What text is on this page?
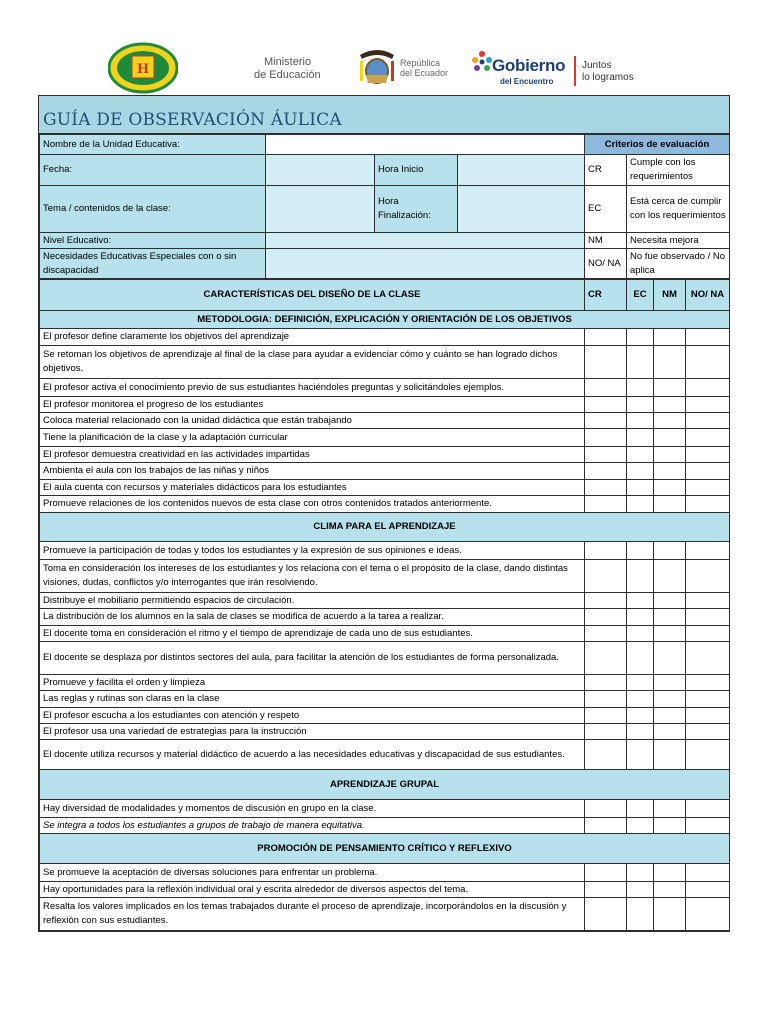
H	Ministerio
de Educación
República
del Ecuador	Gobierno
del Encuentro
Juntos
lo logramos
GUÍA DE OBSERVACIÓN ÁULICA
Nombre de la Unidad Educativa:				Criterios de evaluación	
Fecha:		Hora Inicio		CR	Cumple con los requerimientos
Tema / contenidos de la clase:		Hora Finalización:		EC	Está cerca de cumplir con los requerimientos
Nivel Educativo:				NM	Necesita mejora
Necesidades Educativas Especiales con o sin discapacidad				NO/ NA	No fue observado / No aplica
CARACTERÍSTICAS DEL DISEÑO DE LA CLASE	CR	EC	NM	NO/ NA
METODOLOGIA: DEFINICIÓN, EXPLICACIÓN Y ORIENTACIÓN DE LOS OBJETIVOS				
El profesor define claramente los objetivos del aprendizaje				
Se retoman los objetivos de aprendizaje al final de la clase para ayudar a evidenciar cómo y cuánto se han logrado dichos objetivos.				
El profesor activa el conocimiento previo de sus estudiantes haciéndoles preguntas y solicitándoles ejemplos.				
El profesor monitorea el progreso de los estudiantes				
Coloca material relacionado con la unidad didáctica que están trabajando				
Tiene la planificación de la clase y la adaptación curricular				
El profesor demuestra creatividad en las actividades impartidas				
Ambienta el aula con los trabajos de las niñas y niños				
El aula cuenta con recursos y materiales didácticos para los estudiantes				
Promueve relaciones de los contenidos nuevos de esta clase con otros contenidos tratados anteriormente.				
CLIMA PARA EL APRENDIZAJE				
Promueve la participación de todas y todos los estudiantes y la expresión de sus opiniones e ideas.				
Toma en consideración los intereses de los estudiantes y los relaciona con el tema o el propósito de la clase, dando distintas visiones, dudas, conflictos y/o interrogantes que irán resolviendo.				
Distribuye el mobiliario permitiendo espacios de circulación.				
La distribución de los alumnos en la sala de clases se modifica de acuerdo a la tarea a realizar.				
El docente toma en consideración el ritmo y el tiempo de aprendizaje de cada uno de sus estudiantes.				
El docente se desplaza por distintos sectores del aula, para facilitar la atención de los estudiantes de forma personalizada.				
Promueve y facilita el orden y limpieza				
Las reglas y rutinas son claras en la clase				
El profesor escucha a los estudiantes con atención y respeto				
El profesor usa una variedad de estrategias para la instrucción				
El docente utiliza recursos y material didáctico de acuerdo a las necesidades educativas y discapacidad de sus estudiantes.				
APRENDIZAJE GRUPAL				
Hay diversidad de modalidades y momentos de discusión en grupo en la clase.				
Se integra a todos los estudiantes a grupos de trabajo de manera equitativa.				
PROMOCIÓN DE PENSAMIENTO CRÍTICO Y REFLEXIVO				
Se promueve la aceptación de diversas soluciones para enfrentar un problema.				
Hay oportunidades para la reflexión individual oral y escrita alrededor de diversos aspectos del tema.				
Resalta los valores implicados en los temas trabajados durante el proceso de aprendizaje, incorporándolos en la discusión y reflexión con sus estudiantes.				
